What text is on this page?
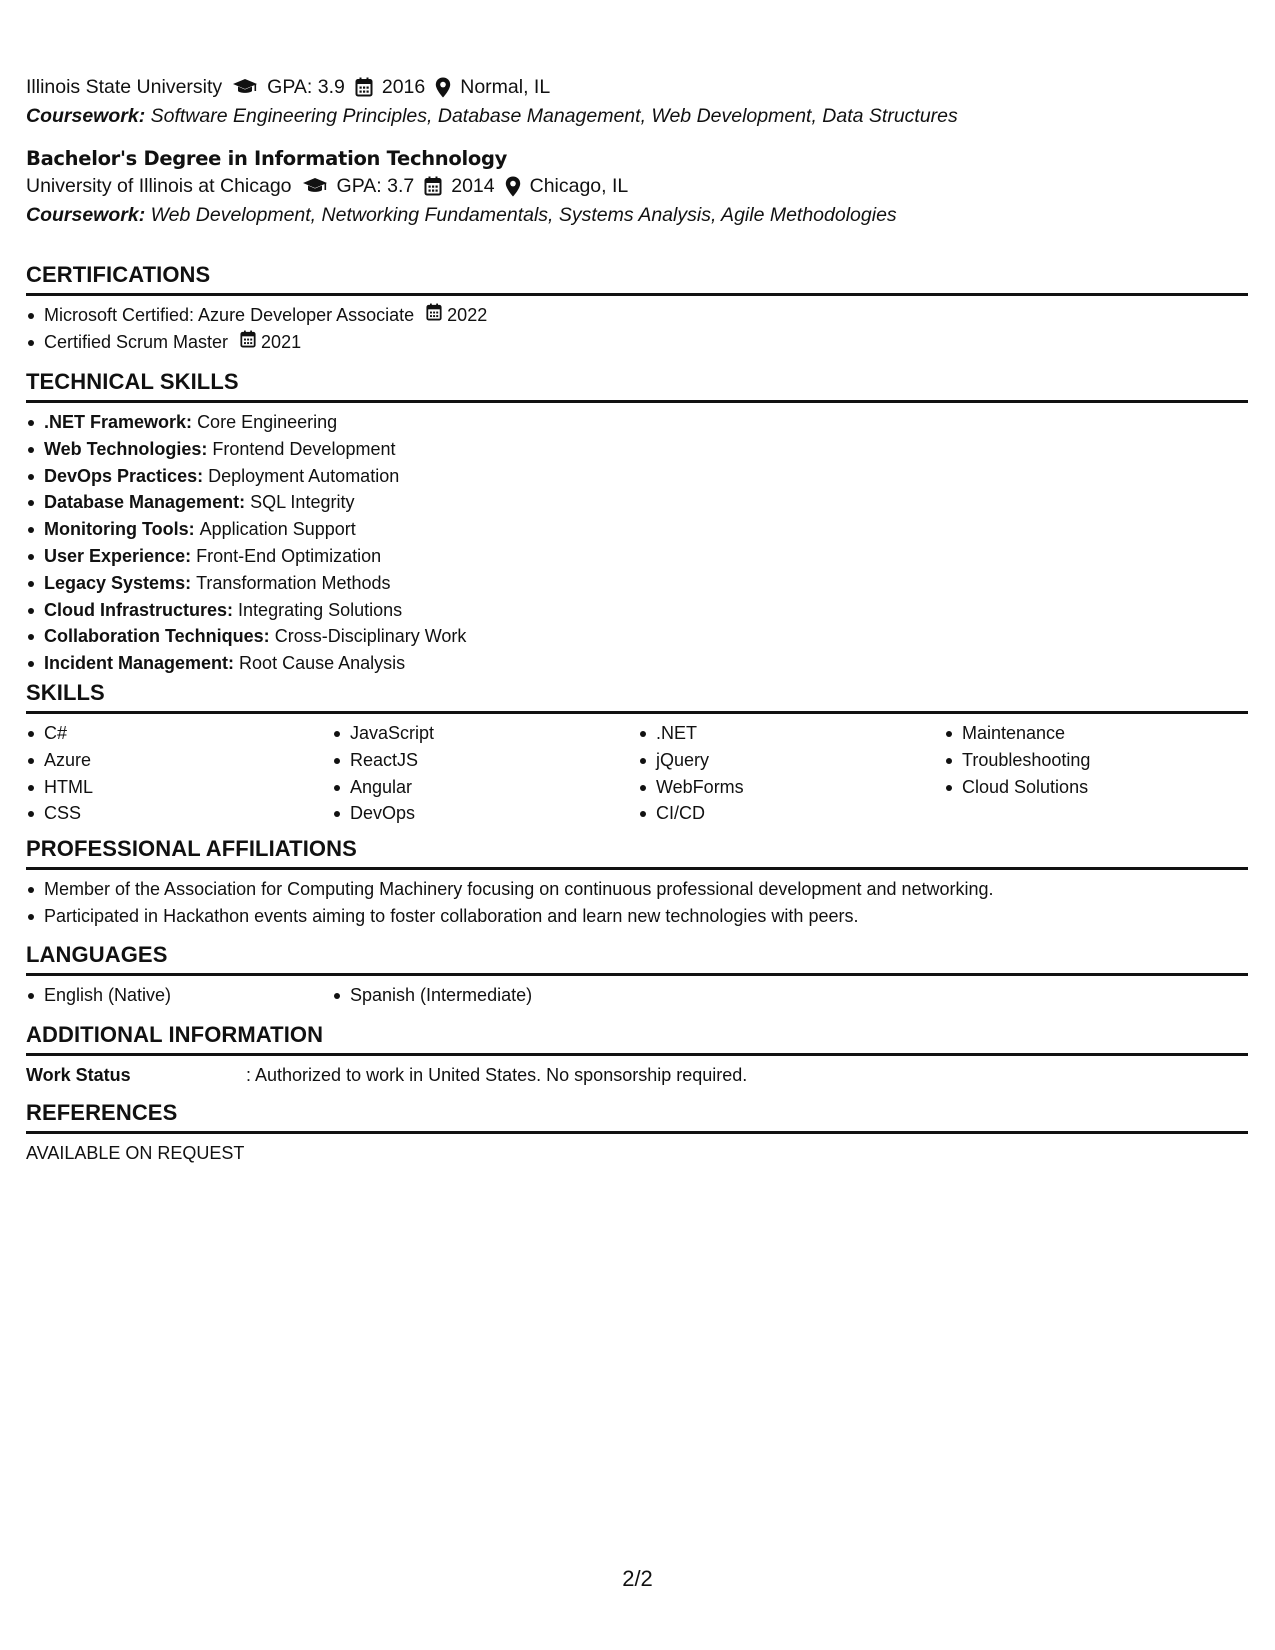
Illinois State University GPA: 3.9 2016 Normal, IL
Coursework: Software Engineering Principles, Database Management, Web Development, Data Structures
Bachelor's Degree in Information Technology
University of Illinois at Chicago GPA: 3.7 2014 Chicago, IL
Coursework: Web Development, Networking Fundamentals, Systems Analysis, Agile Methodologies
CERTIFICATIONS
Microsoft Certified: Azure Developer Associate 2022
Certified Scrum Master 2021
TECHNICAL SKILLS
.NET Framework:
Core Engineering
Web Technologies:
Frontend Development
DevOps Practices:
Deployment Automation
Database Management:
SQL Integrity
Monitoring Tools:
Application Support
User Experience:
Front-End Optimization
Legacy Systems:
Transformation Methods
Cloud Infrastructures:
Integrating Solutions
Collaboration Techniques:
Cross-Disciplinary Work
Incident Management:
Root Cause Analysis
SKILLS
C#
Azure
HTML
CSS
JavaScript
ReactJS
Angular
DevOps
.NET
jQuery
WebForms
CI/CD
Maintenance
Troubleshooting
Cloud Solutions
PROFESSIONAL AFFILIATIONS
Member of the Association for Computing Machinery focusing on continuous professional development and networking.
Participated in Hackathon events aiming to foster collaboration and learn new technologies with peers.
LANGUAGES
English (Native)	Spanish (Intermediate)
ADDITIONAL INFORMATION
Work Status	: Authorized to work in United States. No sponsorship required.
REFERENCES
AVAILABLE ON REQUEST
2/2
